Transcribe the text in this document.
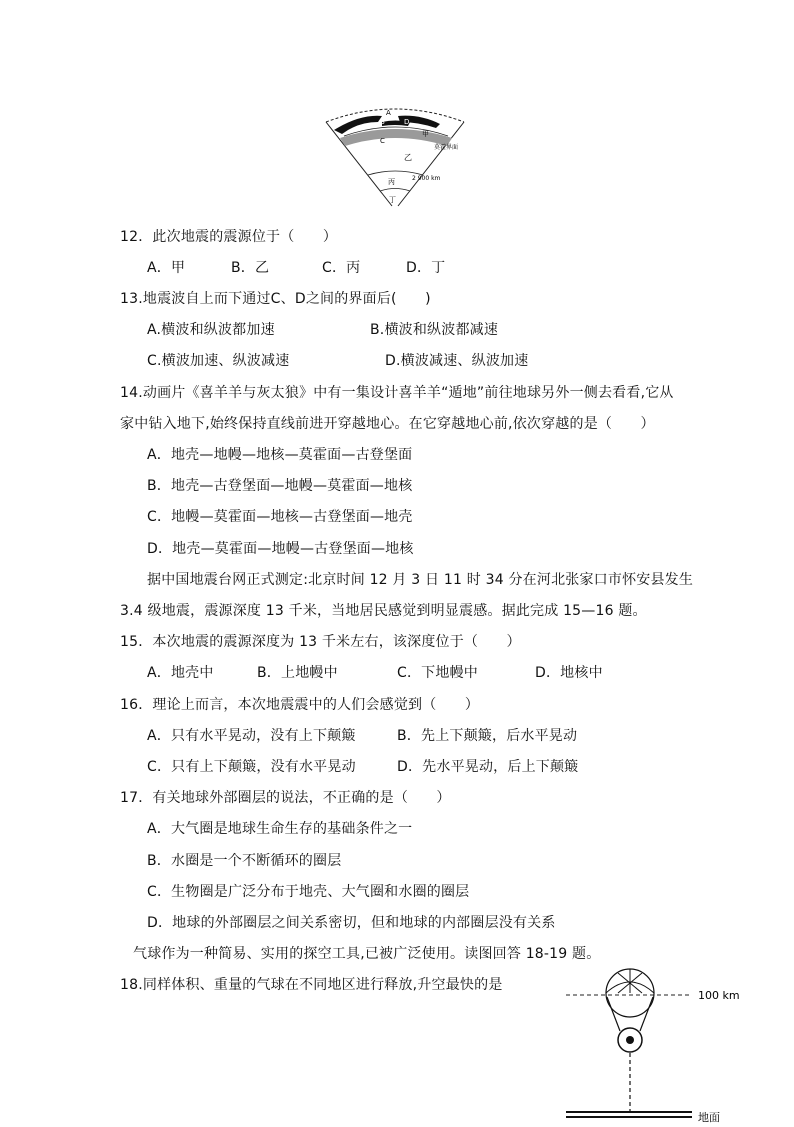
A
B	D
C
甲
乙
丙
丁
莫霍界面
2 900 km
12．此次地震的震源位于（　　）
A．甲	B．乙	C．丙	D．丁
13.地震波自上而下通过C、D之间的界面后(　　)
A.横波和纵波都加速	B.横波和纵波都减速
C.横波加速、纵波减速	D.横波减速、纵波加速
14.动画片《喜羊羊与灰太狼》中有一集设计喜羊羊“遁地”前往地球另外一侧去看看,它从
家中钻入地下,始终保持直线前进开穿越地心。在它穿越地心前,依次穿越的是（　　）
A．地壳—地幔—地核—莫霍面—古登堡面
B．地壳—古登堡面—地幔—莫霍面—地核
C．地幔—莫霍面—地核—古登堡面—地壳
D．地壳—莫霍面—地幔—古登堡面—地核
据中国地震台网正式测定:北京时间 12 月 3 日 11 时 34 分在河北张家口市怀安县发生
3.4 级地震，震源深度 13 千米，当地居民感觉到明显震感。据此完成 15—16 题。
15．本次地震的震源深度为 13 千米左右，该深度位于（　　）
A．地壳中	B．上地幔中	C．下地幔中	D．地核中
16．理论上而言，本次地震震中的人们会感觉到（　　）
A．只有水平晃动，没有上下颠簸	B．先上下颠簸，后水平晃动
C．只有上下颠簸，没有水平晃动	D．先水平晃动，后上下颠簸
17．有关地球外部圈层的说法，不正确的是（　　）
A．大气圈是地球生命生存的基础条件之一
B．水圈是一个不断循环的圈层
C．生物圈是广泛分布于地壳、大气圈和水圈的圈层
D．地球的外部圈层之间关系密切，但和地球的内部圈层没有关系
气球作为一种简易、实用的探空工具,已被广泛使用。读图回答 18-19 题。
18.同样体积、重量的气球在不同地区进行释放,升空最快的是
100 km
地面
